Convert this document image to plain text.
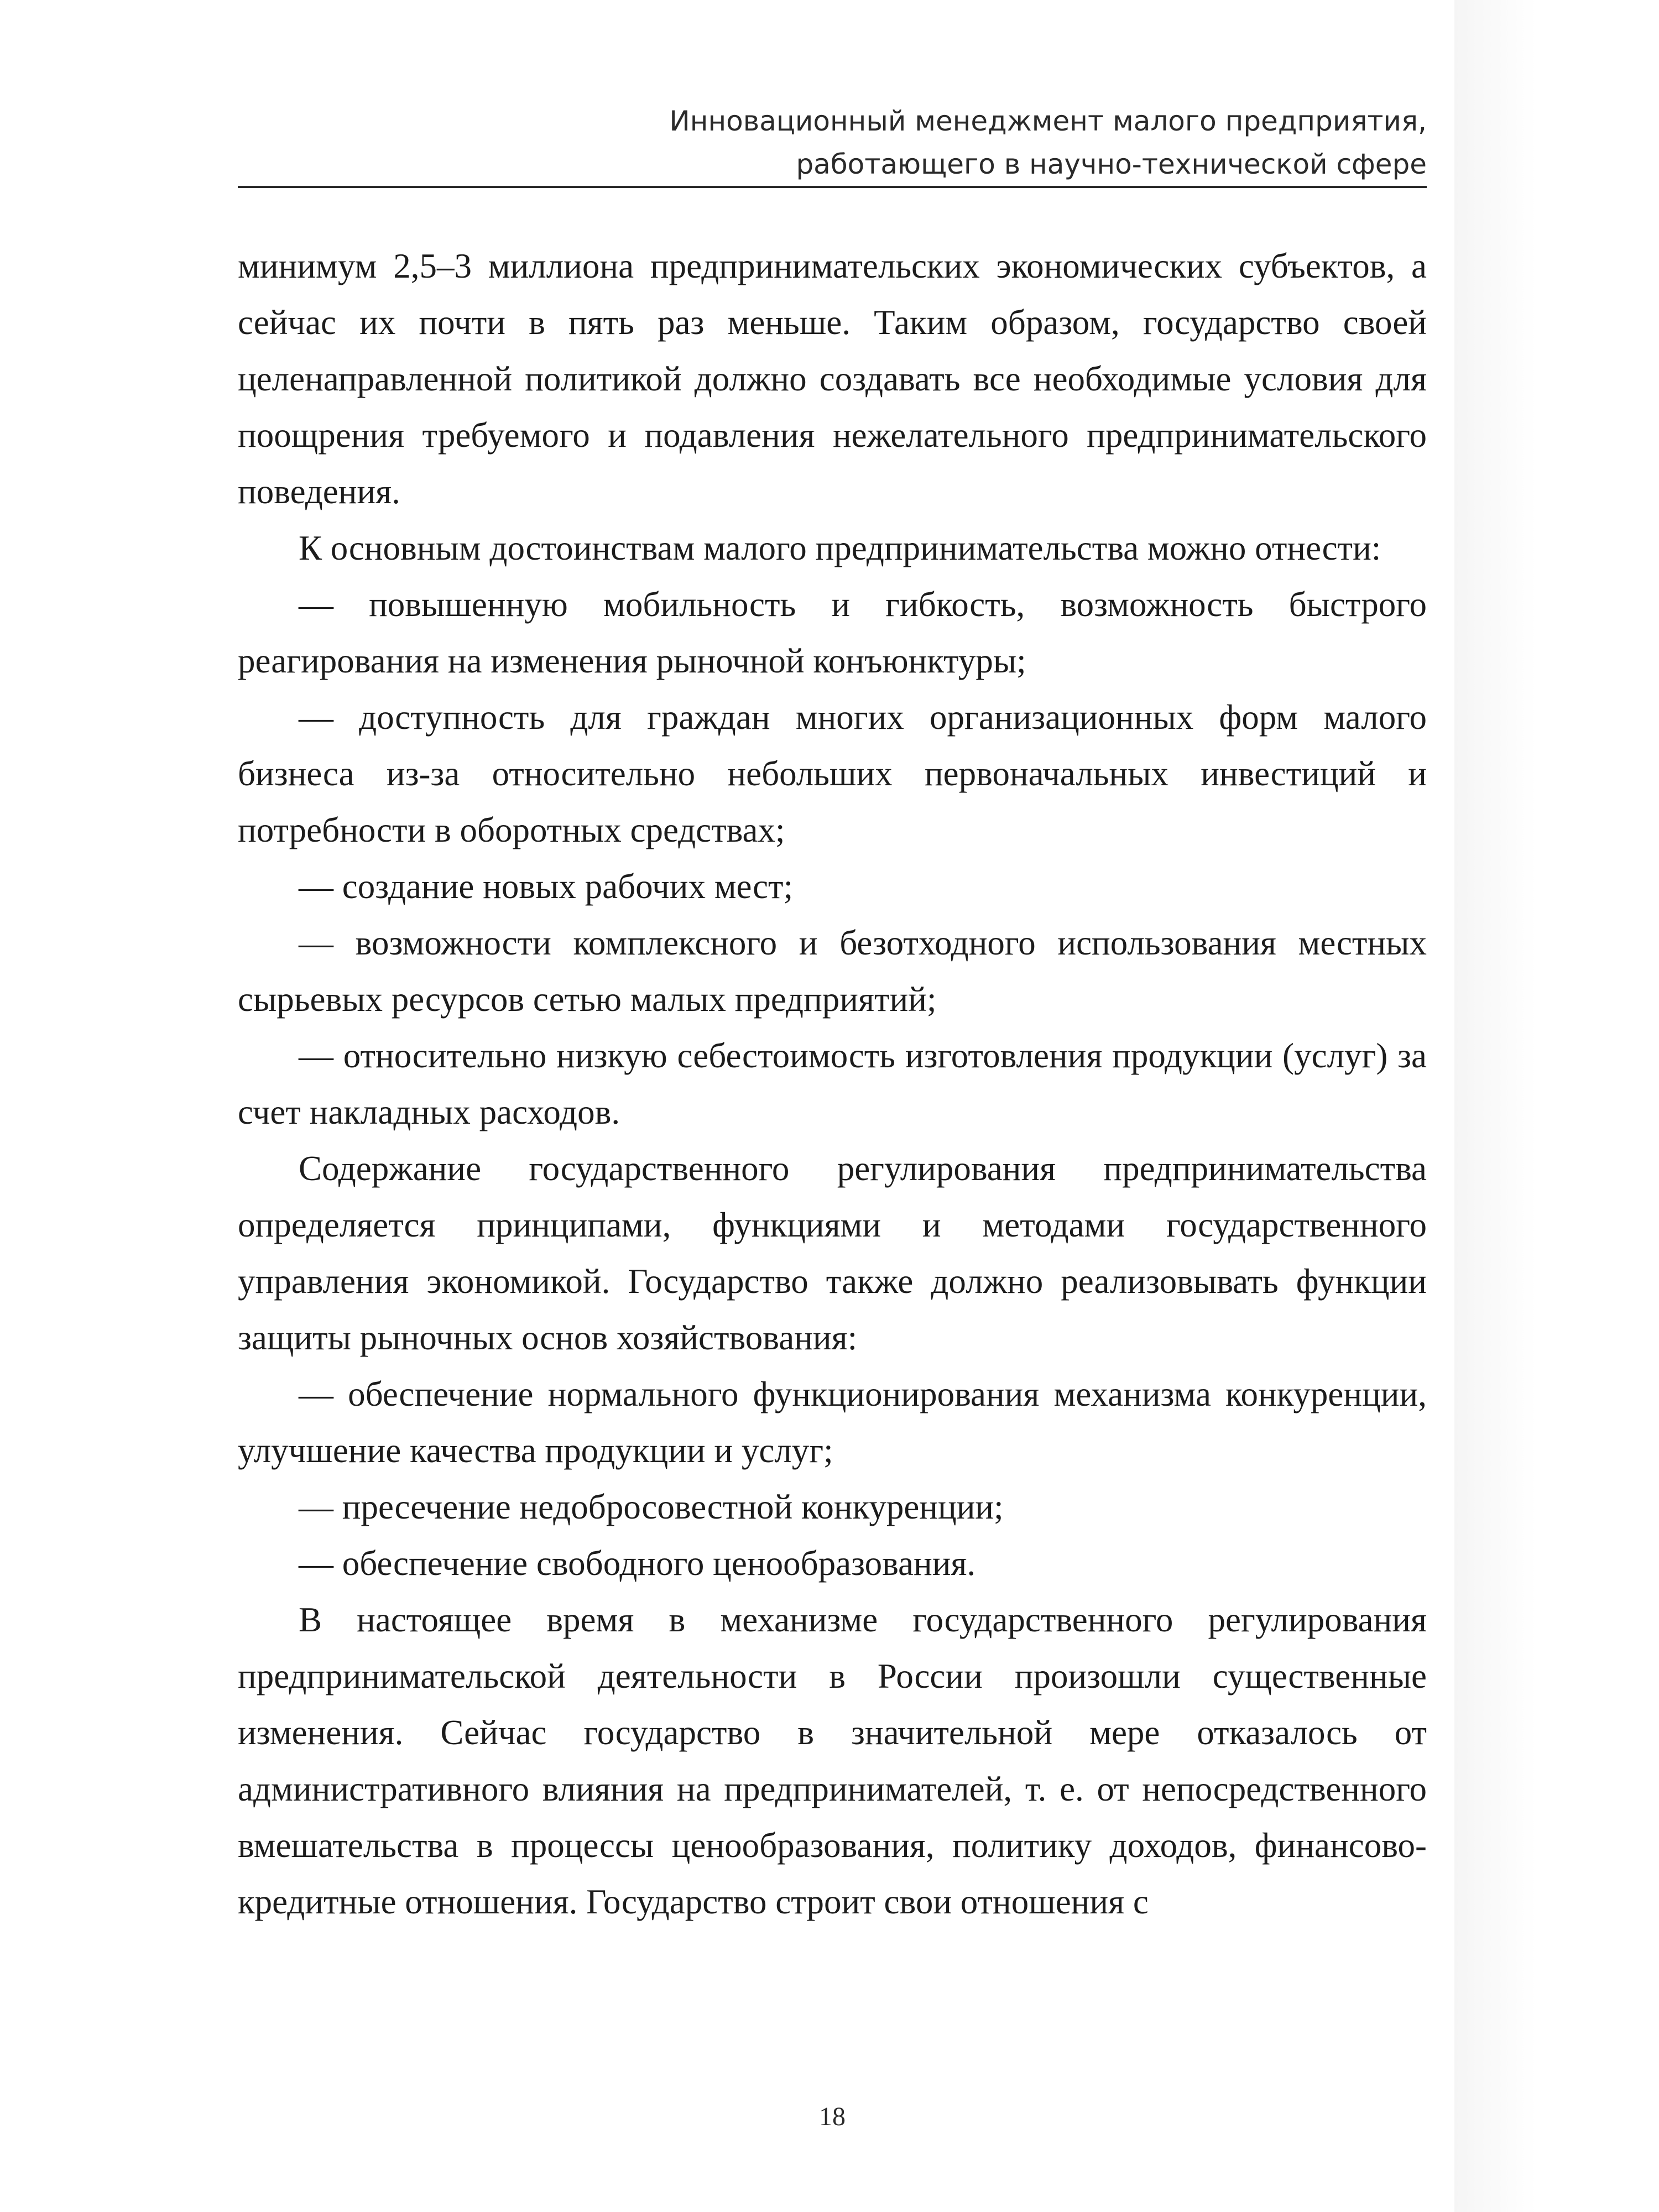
Инновационный менеджмент малого предприятия,
работающего в научно-технической сфере

минимум 2,5–3 миллиона предпринимательских экономических субъектов, а сейчас их почти в пять раз меньше. Таким образом, государство своей целенаправленной политикой должно создавать все необходимые условия для поощрения требуемого и подавления нежелательного предпринимательского поведения.

К основным достоинствам малого предпринимательства можно отнести:

— повышенную мобильность и гибкость, возможность быстрого реагирования на изменения рыночной конъюнктуры;

— доступность для граждан многих организационных форм малого бизнеса из-за относительно небольших первоначальных инвестиций и потребности в оборотных средствах;

— создание новых рабочих мест;

— возможности комплексного и безотходного использования местных сырьевых ресурсов сетью малых предприятий;

— относительно низкую себестоимость изготовления продукции (услуг) за счет накладных расходов.

Содержание государственного регулирования предпринимательства определяется принципами, функциями и методами государственного управления экономикой. Государство также должно реализовывать функции защиты рыночных основ хозяйствования:

— обеспечение нормального функционирования механизма конкуренции, улучшение качества продукции и услуг;

— пресечение недобросовестной конкуренции;

— обеспечение свободного ценообразования.

В настоящее время в механизме государственного регулирования предпринимательской деятельности в России произошли существенные изменения. Сейчас государство в значительной мере отказалось от административного влияния на предпринимателей, т. е. от непосредственного вмешательства в процессы ценообразования, политику доходов, финансово-кредитные отношения. Государство строит свои отношения с

18
